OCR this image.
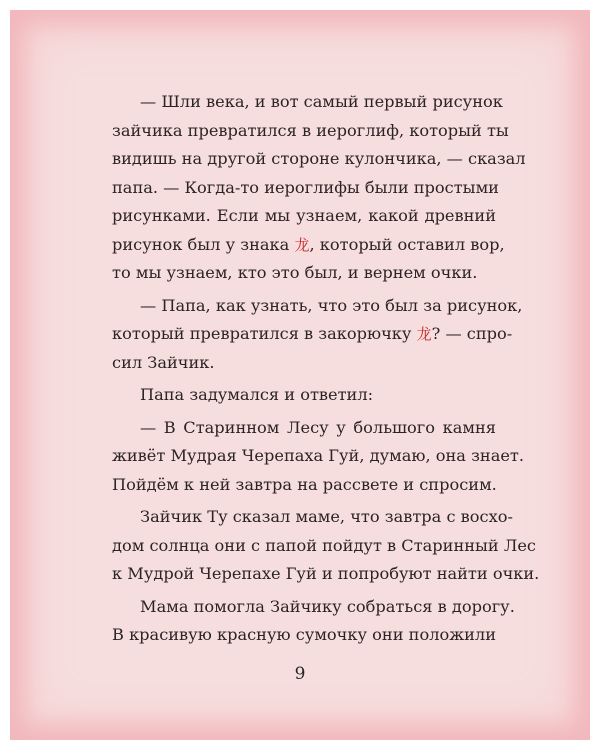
— Шли века, и вот самый первый рисунок
зайчика превратился в иероглиф, который ты
видишь на другой стороне кулончика, — сказал
папа. — Когда-то иероглифы были простыми
рисунками. Если мы узнаем, какой древний
рисунок был у знака 龙, который оставил вор,
то мы узнаем, кто это был, и вернем очки.
— Папа, как узнать, что это был за рисунок,
который превратился в закорючку 龙? — спро-
сил Зайчик.
Папа задумался и ответил:
— В Старинном Лесу у большого камня
живёт Мудрая Черепаха Гуй, думаю, она знает.
Пойдём к ней завтра на рассвете и спросим.
Зайчик Ту сказал маме, что завтра с восхо-
дом солнца они с папой пойдут в Старинный Лес
к Мудрой Черепахе Гуй и попробуют найти очки.
Мама помогла Зайчику собраться в дорогу.
В красивую красную сумочку они положили
9
